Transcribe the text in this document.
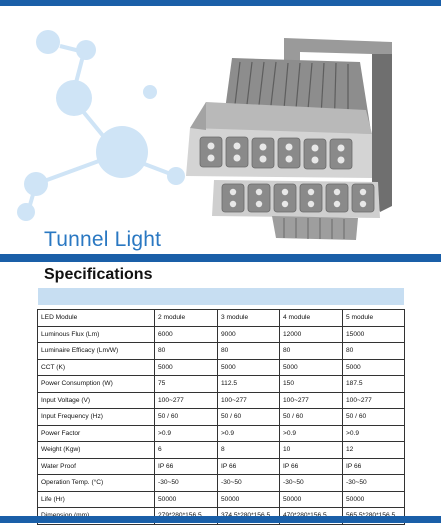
Tunnel Light
Specifications
LED Module	2 module	3 module	4 module	5 module
Luminous Flux (Lm)	6000	9000	12000	15000
Luminaire Efficacy (Lm/W)	80	80	80	80
CCT (K)	5000	5000	5000	5000
Power Consumption (W)	75	112.5	150	187.5
Input Voltage (V)	100~277	100~277	100~277	100~277
Input Frequency (Hz)	50 / 60	50 / 60	50 / 60	50 / 60
Power Factor	>0.9	>0.9	>0.9	>0.9
Weight (Kgw)	6	8	10	12
Water Proof	IP 66	IP 66	IP 66	IP 66
Operation Temp. (°C)	-30~50	-30~50	-30~50	-30~50
Life (Hr)	50000	50000	50000	50000
